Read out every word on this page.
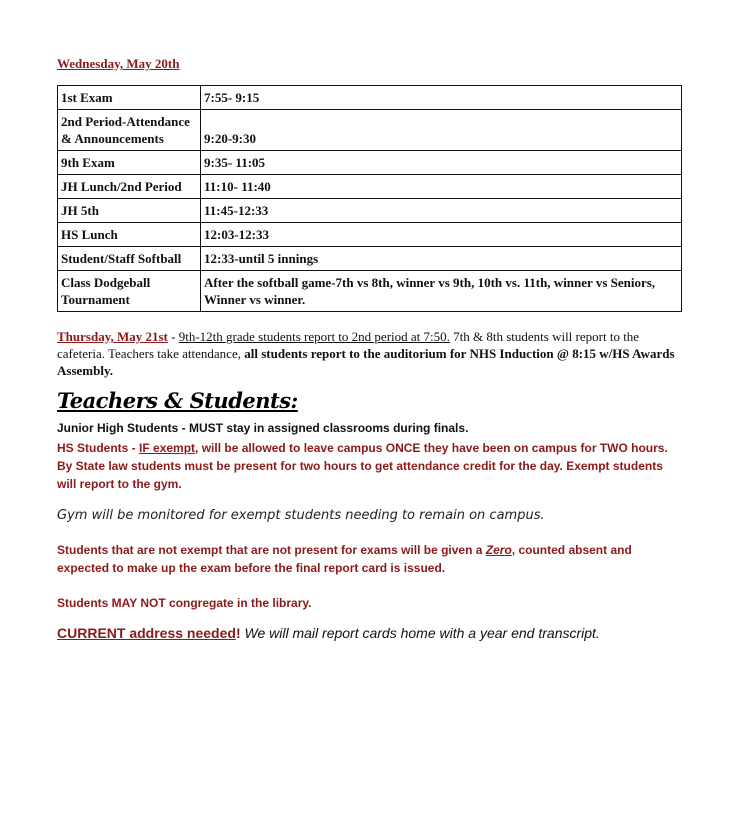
Wednesday, May 20th
1st Exam	7:55- 9:15
2nd Period-Attendance & Announcements	9:20-9:30
9th Exam	9:35- 11:05
JH Lunch/2nd Period	11:10- 11:40
JH 5th	11:45-12:33
HS Lunch	12:03-12:33
Student/Staff Softball	12:33-until 5 innings
Class Dodgeball Tournament	After the softball game-7th vs 8th, winner vs 9th, 10th vs. 11th, winner vs Seniors, Winner vs winner.
Thursday, May 21st - 9th-12th grade students report to 2nd period at 7:50. 7th & 8th students will report to the cafeteria. Teachers take attendance, all students report to the auditorium for NHS Induction @ 8:15 w/HS Awards Assembly.
Teachers & Students:
Junior High Students - MUST stay in assigned classrooms during finals.
HS Students - IF exempt, will be allowed to leave campus ONCE they have been on campus for TWO hours. By State law students must be present for two hours to get attendance credit for the day. Exempt students will report to the gym.
Gym will be monitored for exempt students needing to remain on campus.
Students that are not exempt that are not present for exams will be given a Zero, counted absent and expected to make up the exam before the final report card is issued.
Students MAY NOT congregate in the library.
CURRENT address needed! We will mail report cards home with a year end transcript.
